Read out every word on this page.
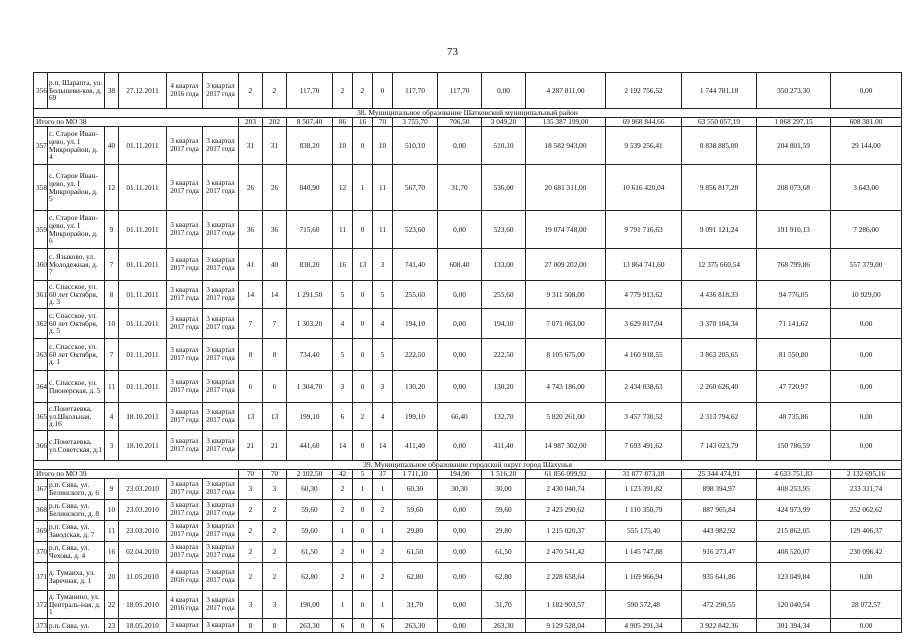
73
356	р.п. Шарапга, ул. Большеви-ков, д. 69	38	27.12.2011	4 квартал 2016 года	3 квартал 2017 года	2	2	117,70	2	2	0	117,70	117,70	0,00	4 287 811,00	2 192 756,52	1 744 781,18	350 273,30	0,00
38. Муниципальное образование Шатковский муниципальный район																			
Итого по МО 38						203	202	8 507,40	86	16	70	3 755,70	706,50	3 049,20	135 387 199,00	69 968 844,66	63 550 057,19	1 868 297,15	608 381,00
357	с. Старое Иван-цево, ул. I Микрорайон, д. 4	40	01.11.2011	3 квартал 2017 года	3 квартал 2017 года	31	31	838,20	10	0	10	510,10	0,00	510,10	18 582 943,00	9 539 256,41	8 838 885,00	204 801,59	29 144,00
358	с. Старое Иван-цево, ул. I Микрорайон, д. 5	12	01.11.2011	3 квартал 2017 года	3 квартал 2017 года	26	26	840,90	12	1	11	567,70	31,70	536,00	20 681 311,00	10 616 420,04	9 856 817,28	208 073,68	3 643,00
359	с. Старое Иван-цево, ул. I Микрорайон, д. 6	9	01.11.2011	3 квартал 2017 года	3 квартал 2017 года	36	36	715,60	11	0	11	523,60	0,00	523,60	19 074 748,00	9 791 716,63	9 091 121,24	191 910,13	7 286,00
360	с. Языково, ул. Молодежная, д. 7	7	01.11.2011	3 квартал 2017 года	3 квартал 2017 года	41	40	838,20	16	13	3	741,40	608,40	133,00	27 009 202,00	13 864 741,60	12 375 660,54	768 799,86	557 379,00
361	с. Спасское, ул. 60 лет Октября, д. 3	8	01.11.2011	3 квартал 2017 года	3 квартал 2017 года	14	14	1 291,50	5	0	5	255,60	0,00	255,60	9 311 508,00	4 779 913,62	4 436 818,33	94 776,05	10 929,00
362	с. Спасское, ул. 60 лет Октября, д. 5	10	01.11.2011	3 квартал 2017 года	3 квартал 2017 года	7	7	1 303,20	4	0	4	194,10	0,00	194,10	7 071 063,00	3 629 817,04	3 370 104,34	71 141,62	0,00
363	с. Спасское, ул. 60 лет Октября, д. 1	7	01.11.2011	3 квартал 2017 года	3 квартал 2017 года	8	8	734,40	5	0	5	222,50	0,00	222,50	8 105 675,00	4 160 918,55	3 863 205,65	81 550,80	0,00
364	с. Спасское, ул. Пионерская, д. 5	11	01.11.2011	3 квартал 2017 года	3 квартал 2017 года	6	6	1 304,70	3	0	3	130,20	0,00	130,20	4 743 186,00	2 434 838,63	2 260 626,40	47 720,97	0,00
365	с.Понетаевка, ул.Школьная, д.16	4	18.10.2011	3 квартал 2017 года	3 квартал 2017 года	13	13	199,10	6	2	4	199,10	66,40	132,70	5 820 261,00	3 457 730,52	2 313 794,62	48 735,86	0,00
366	с.Понетаевка, ул.Советская, д.1	3	18.10.2011	3 квартал 2017 года	3 квартал 2017 года	21	21	441,60	14	0	14	411,40	0,00	411,40	14 987 302,00	7 693 491,62	7 143 023,79	150 786,59	0,00
39. Муниципальное образование городской округ город Шахунья																			
Итого по МО 39						70	70	2 102,50	42	5	37	1 711,10	194,90	1 516,20	61 856 099,92	31 877 873,18	25 344 474,91	4 633 751,83	2 132 695,16
367	р.п. Сява, ул. Белинского, д. 6	9	23.03.2010	3 квартал 2017 года	3 квартал 2017 года	3	3	60,30	2	1	1	60,30	30,30	30,00	2 430 040,74	1 123 391,82	898 394,97	408 253,95	233 311,74
368	р.п. Сява, ул. Белинского, д. 8	10	23.03.2010	3 квартал 2017 года	3 квартал 2017 года	2	2	59,60	2	0	2	59,60	0,00	59,60	2 423 290,62	1 110 350,79	887 965,84	424 973,99	252 062,62
369	р.п. Сява, ул. Заводская, д. 7	11	23.03.2010	3 квартал 2017 года	3 квартал 2017 года	2	2	59,60	1	0	1	29,80	0,00	29,80	1 215 020,37	555 175,40	443 982,92	215 862,05	129 406,37
370	р.п. Сява, ул. Чехова, д. 4	16	02.04.2010	3 квартал 2017 года	3 квартал 2017 года	2	2	61,50	2	0	2	61,50	0,00	61,50	2 470 541,42	1 145 747,88	916 273,47	408 520,07	230 096,42
371	д. Тумаиха, ул. Заречная, д. 1	20	11.05.2010	4 квартал 2016 года	3 квартал 2017 года	2	2	62,80	2	0	2	62,80	0,00	62,80	2 228 658,64	1 169 966,94	935 641,86	123 049,84	0,00
372	д. Туманино, ул. Централь-ная, д. 1	22	18.05.2010	4 квартал 2016 года	3 квартал 2017 года	3	3	190,00	1	0	1	31,70	0,00	31,70	1 182 903,57	590 572,48	472 290,55	120 040,54	28 072,57
373	р.п. Сява, ул.	23	18.05.2010	3 квартал	3 квартал	8	8	263,30	6	0	6	263,30	0,00	263,30	9 129 528,04	4 905 291,34	3 922 842,36	301 394,34	0,00
